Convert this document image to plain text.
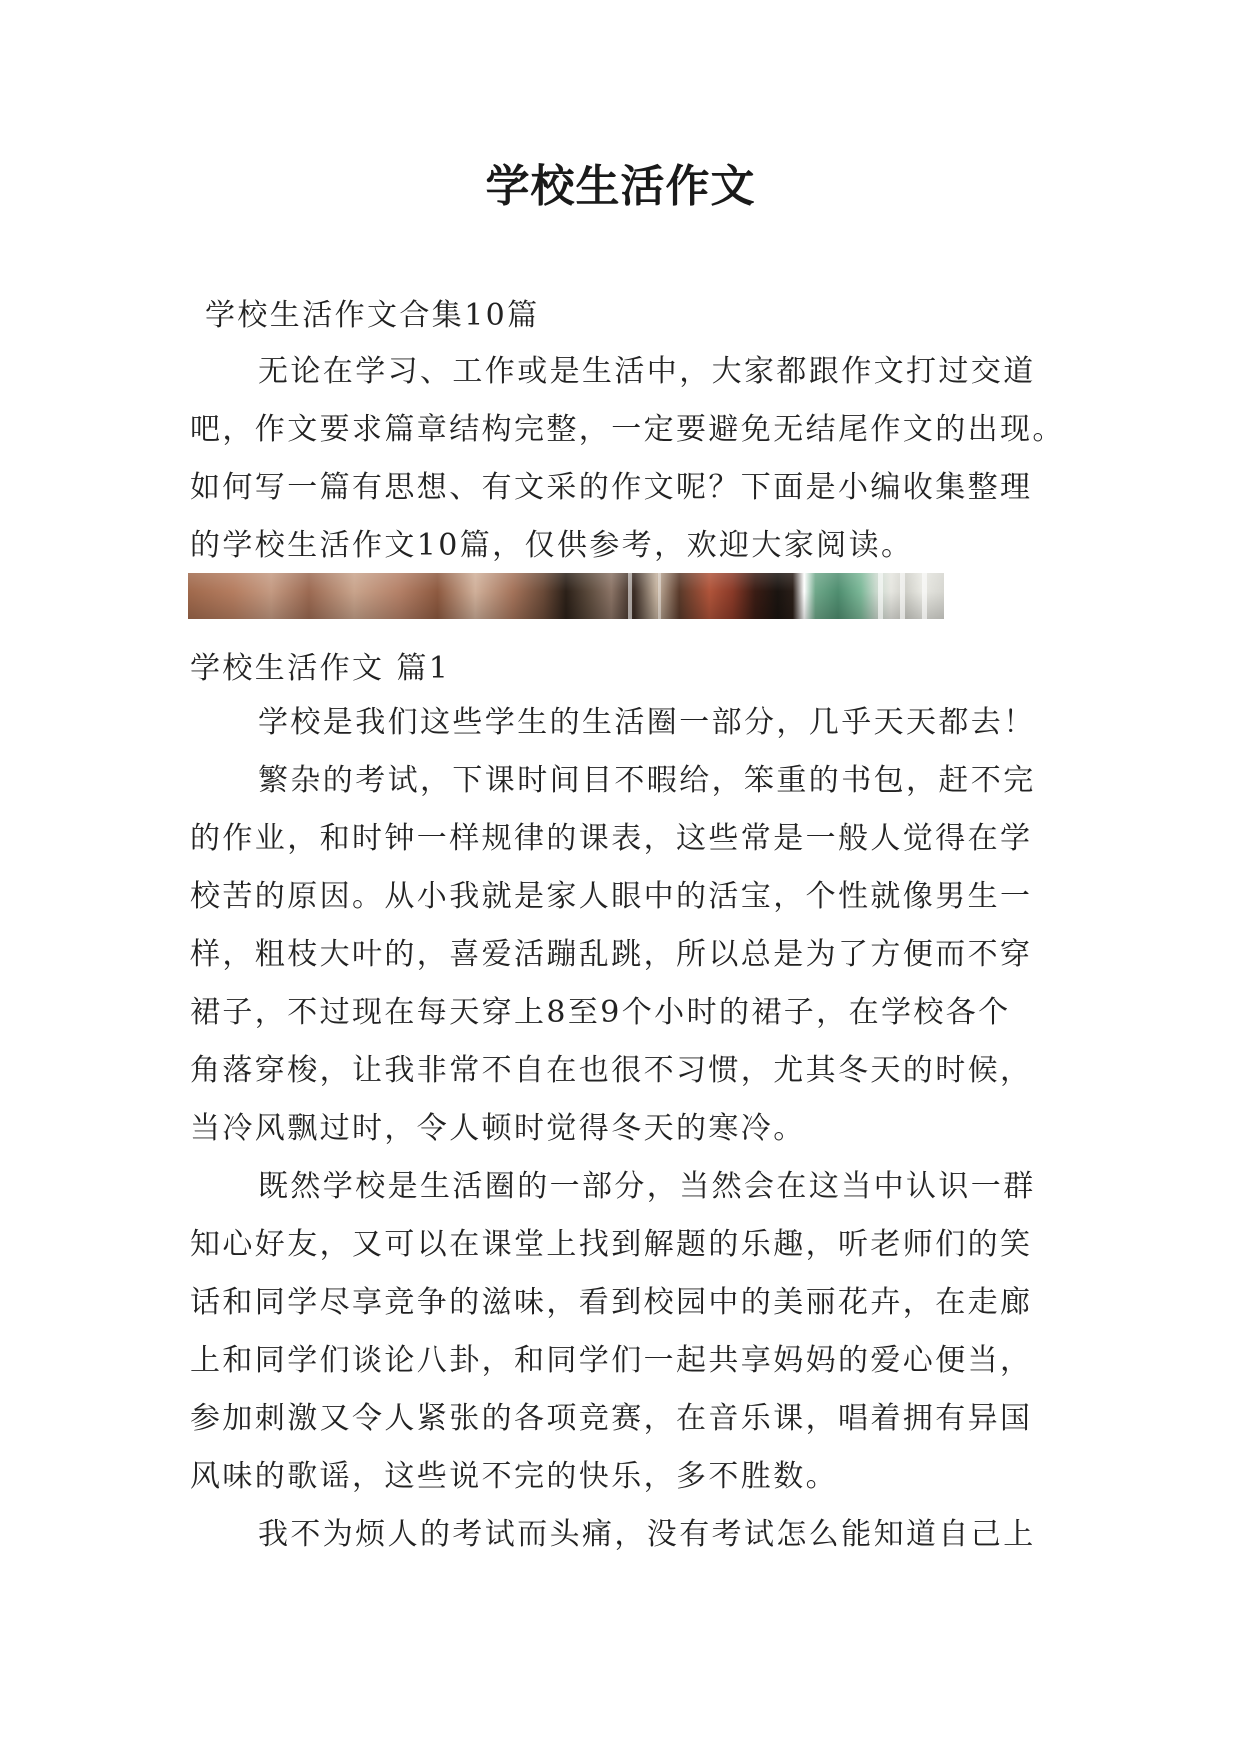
学校生活作文
学校生活作文合集10篇
无论在学习、工作或是生活中，大家都跟作文打过交道
吧，作文要求篇章结构完整，一定要避免无结尾作文的出现。
如何写一篇有思想、有文采的作文呢？下面是小编收集整理
的学校生活作文10篇，仅供参考，欢迎大家阅读。
学校生活作文 篇1
学校是我们这些学生的生活圈一部分，几乎天天都去！
繁杂的考试，下课时间目不暇给，笨重的书包，赶不完
的作业，和时钟一样规律的课表，这些常是一般人觉得在学
校苦的原因。从小我就是家人眼中的活宝，个性就像男生一
样，粗枝大叶的，喜爱活蹦乱跳，所以总是为了方便而不穿
裙子，不过现在每天穿上8至9个小时的裙子，在学校各个
角落穿梭，让我非常不自在也很不习惯，尤其冬天的时候，
当冷风飘过时，令人顿时觉得冬天的寒冷。
既然学校是生活圈的一部分，当然会在这当中认识一群
知心好友，又可以在课堂上找到解题的乐趣，听老师们的笑
话和同学尽享竞争的滋味，看到校园中的美丽花卉，在走廊
上和同学们谈论八卦，和同学们一起共享妈妈的爱心便当，
参加刺激又令人紧张的各项竞赛，在音乐课，唱着拥有异国
风味的歌谣，这些说不完的快乐，多不胜数。
我不为烦人的考试而头痛，没有考试怎么能知道自己上
